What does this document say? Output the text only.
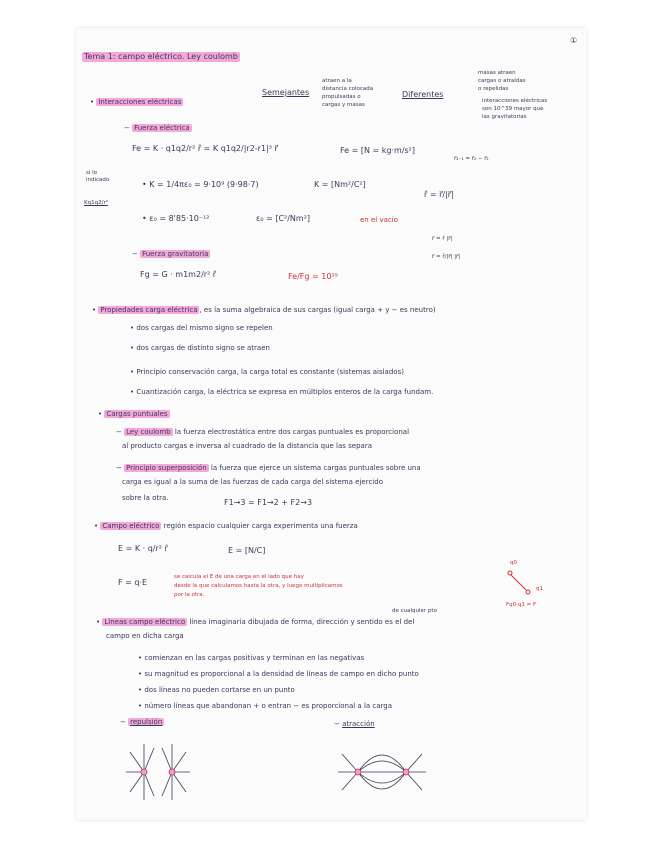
①
Tema 1: campo eléctrico. Ley coulomb
• Interacciones eléctricas
Semejantes
atraen a la
distancia colocada
propulsadas o
cargas y masas
Diferentes
masas atraen
cargas o atraídas
o repelidas
interacciones eléctricas
son 10^39 mayor que
las gravitatorias
− Fuerza eléctrica
Fe = K · q1q2/r² r̂ = K q1q2/|r2-r1|³ r⃗	Fe = [N = kg·m/s²]
si lo
indicado
Kq1q2/r²
• K = 1/4πε₀ = 9·10⁹ (9·98·7)	K = [Nm²/C²]
• ε₀ = 8'85·10⁻¹²	ε₀ = [C²/Nm²]	en el vacío
r⃗₂₋₁ = r⃗₂ − r⃗₁
r̂ = r⃗/|r⃗|
r⃗ = r̂ |r⃗|
r⃗ = r̂/|r⃗| |r⃗|
− Fuerza gravitatoria
Fg = G · m1m2/r² r̂	Fe/Fg = 10³⁹
• Propiedades carga eléctrica , es la suma algebraica de sus cargas (igual carga + y − es neutro)
• dos cargas del mismo signo se repelen
• dos cargas de distinto signo se atraen
• Principio conservación carga, la carga total es constante (sistemas aislados)
• Cuantización carga, la eléctrica se expresa en múltiplos enteros de la carga fundam.
• Cargas puntuales
− Ley coulomb la fuerza electrostática entre dos cargas puntuales es proporcional
al producto cargas e inversa al cuadrado de la distancia que las separa
− Principio superposición la fuerza que ejerce un sistema cargas puntuales sobre una
carga es igual a la suma de las fuerzas de cada carga del sistema ejercido
sobre la otra.	F1→3 = F1→2 + F2→3
• Campo eléctrico región espacio cualquier carga experimenta una fuerza
E = K · q/r² r̂	E = [N/C]
F = q·E
se calcula el E de una carga en el lado que hay
desde la que calculamos hasta la otra, y luego multiplicamos
por la otra.
q0
q1
Fq0·q1 = F
de cualquier pto
• Líneas campo eléctrico línea imaginaria dibujada de forma, dirección y sentido es el del
campo en dicha carga
• comienzan en las cargas positivas y terminan en las negativas
• su magnitud es proporcional a la densidad de líneas de campo en dicho punto
• dos líneas no pueden cortarse en un punto
• número líneas que abandonan + o entran − es proporcional a la carga
− repulsión	− atracción
